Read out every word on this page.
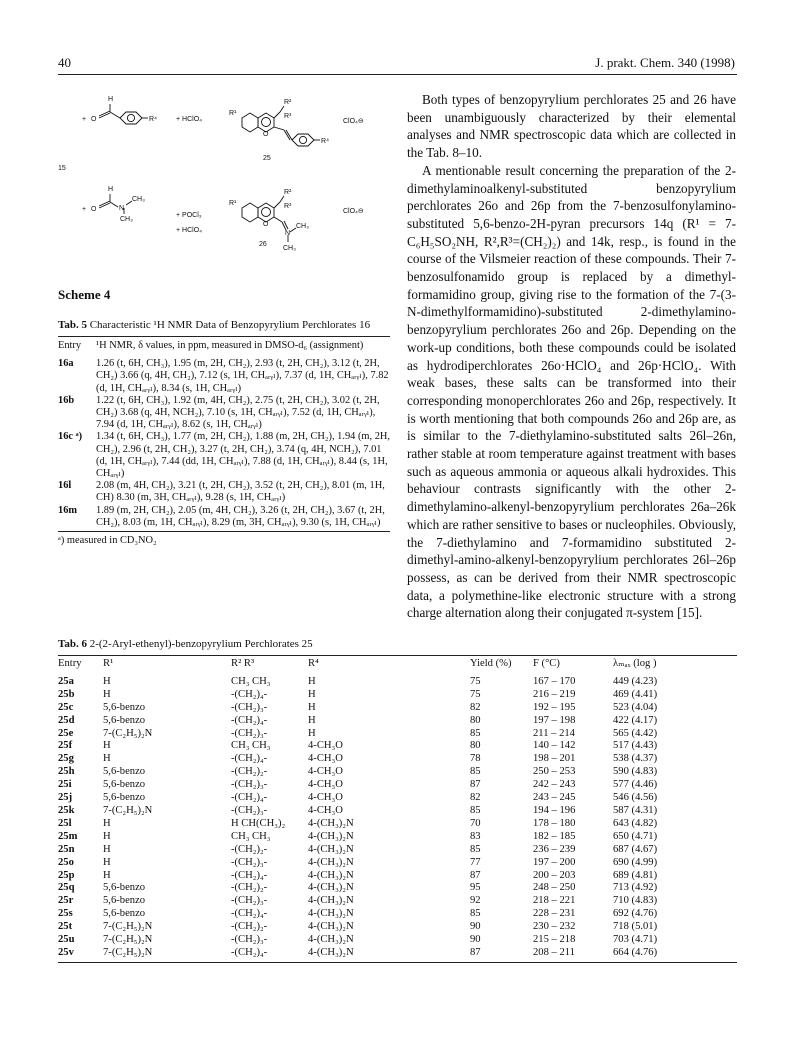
40	J. prakt. Chem. 340 (1998)
H
O	R⁴
+	+ HClO₄
R¹
O
R²
R³
ClO₄⊖
25
R⁴
15
H
O
+	N
CH₃
CH₃
+ POCl₃
+ HClO₄
R¹
O
R²
R³
ClO₄⊖
N
CH₃
CH₃
26
Scheme 4
Tab. 5 Characteristic ¹H NMR Data of Benzopyrylium Perchlorates 16
Entry	¹H NMR, δ values, in ppm, measured in DMSO-d₆ (assignment)
16a	1.26 (t, 6H, CH₃), 1.95 (m, 2H, CH₂), 2.93 (t, 2H, CH₂), 3.12 (t, 2H, CH₂) 3.66 (q, 4H, CH₂), 7.12 (s, 1H, CHₐᵣᵧₗ), 7.37 (d, 1H, CHₐᵣᵧₗ), 7.82 (d, 1H, CHₐᵣᵧₗ), 8.34 (s, 1H, CHₐᵣᵧₗ)
16b	1.22 (t, 6H, CH₃), 1.92 (m, 4H, CH₂), 2.75 (t, 2H, CH₂), 3.02 (t, 2H, CH₂) 3.68 (q, 4H, NCH₂), 7.10 (s, 1H, CHₐᵣᵧₗ), 7.52 (d, 1H, CHₐᵣᵧₗ), 7.94 (d, 1H, CHₐᵣᵧₗ), 8.62 (s, 1H, CHₐᵣᵧₗ)
16c ᵃ)	1.34 (t, 6H, CH₃), 1.77 (m, 2H, CH₂), 1.88 (m, 2H, CH₂), 1.94 (m, 2H, CH₂), 2.96 (t, 2H, CH₂), 3.27 (t, 2H, CH₂), 3.74 (q, 4H, NCH₂), 7.01 (d, 1H, CHₐᵣᵧₗ), 7.44 (dd, 1H, CHₐᵣᵧₗ), 7.88 (d, 1H, CHₐᵣᵧₗ), 8.44 (s, 1H, CHₐᵣᵧₗ)
16l	2.08 (m, 4H, CH₂), 3.21 (t, 2H, CH₂), 3.52 (t, 2H, CH₂), 8.01 (m, 1H, CH) 8.30 (m, 3H, CHₐᵣᵧₗ), 9.28 (s, 1H, CHₐᵣᵧₗ)
16m	1.89 (m, 2H, CH₂), 2.05 (m, 4H, CH₂), 3.26 (t, 2H, CH₂), 3.67 (t, 2H, CH₂), 8.03 (m, 1H, CHₐᵣᵧₗ), 8.29 (m, 3H, CHₐᵣᵧₗ), 9.30 (s, 1H, CHₐᵣᵧₗ)
ᵃ) measured in CD₃NO₂

Both types of benzopyrylium perchlorates 25 and 26 have been unambiguously characterized by their elemental analyses and NMR spectroscopic data which are collected in the Tab. 8–10.

A mentionable result concerning the preparation of the 2-dimethylaminoalkenyl-substituted benzopyrylium perchlorates 26o and 26p from the 7-benzosulfonylamino-substituted 5,6-benzo-2H-pyran precursors 14q (R¹ = 7-C₆H₅SO₂NH, R²,R³=(CH₂)₂) and 14k, resp., is found in the course of the Vilsmeier reaction of these compounds. Their 7-benzosulfonamido group is replaced by a dimethyl-formamidino group, giving rise to the formation of the 7-(3-N-dimethylformamidino)-substituted 2-dimethylamino-benzopyrylium perchlorates 26o and 26p. Depending on the work-up conditions, both these compounds could be isolated as hydrodiperchlorates 26o·HClO₄ and 26p·HClO₄. With weak bases, these salts can be transformed into their corresponding monoperchlorates 26o and 26p, respectively. It is worth mentioning that both compounds 26o and 26p are, as is similar to the 7-diethylamino-substituted salts 26l–26n, rather stable at room temperature against treatment with bases such as aqueous ammonia or aqueous alkali hydroxides. This behaviour contrasts significantly with the other 2-dimethylamino-alkenyl-benzopyrylium perchlorates 26a–26k which are rather sensitive to bases or nucleophiles. Obviously, the 7-diethylamino and 7-formamidino substituted 2-dimethyl-amino-alkenyl-benzopyrylium perchlorates 26l–26p possess, as can be derived from their NMR spectroscopic data, a polymethine-like electronic structure with a strong charge alternation along their conjugated π-system [15].

Tab. 6 2-(2-Aryl-ethenyl)-benzopyrylium Perchlorates 25
Entry	R¹	R² R³	R⁴	Yield (%)	F (°C)	λₘₐₓ (log )
25a	H	CH₃ CH₃	H	75	167 – 170	449 (4.23)
25b	H	-(CH₂)₄-	H	75	216 – 219	469 (4.41)
25c	5,6-benzo	-(CH₂)₃-	H	82	192 – 195	523 (4.04)
25d	5,6-benzo	-(CH₂)₄-	H	80	197 – 198	422 (4.17)
25e	7-(C₂H₅)₂N	-(CH₂)₃-	H	85	211 – 214	565 (4.42)
25f	H	CH₃ CH₃	4-CH₃O	80	140 – 142	517 (4.43)
25g	H	-(CH₂)₄-	4-CH₃O	78	198 – 201	538 (4.37)
25h	5,6-benzo	-(CH₂)₂-	4-CH₃O	85	250 – 253	590 (4.83)
25i	5,6-benzo	-(CH₂)₃-	4-CH₃O	87	242 – 243	577 (4.46)
25j	5,6-benzo	-(CH₂)₄-	4-CH₃O	82	243 – 245	546 (4.56)
25k	7-(C₂H₅)₂N	-(CH₂)₃-	4-CH₃O	85	194 – 196	587 (4.31)
25l	H	H CH(CH₃)₂	4-(CH₃)₂N	70	178 – 180	643 (4.82)
25m	H	CH₃ CH₃	4-(CH₃)₂N	83	182 – 185	650 (4.71)
25n	H	-(CH₂)₂-	4-(CH₃)₂N	85	236 – 239	687 (4.67)
25o	H	-(CH₂)₃-	4-(CH₃)₂N	77	197 – 200	690 (4.99)
25p	H	-(CH₂)₄-	4-(CH₃)₂N	87	200 – 203	689 (4.81)
25q	5,6-benzo	-(CH₂)₂-	4-(CH₃)₂N	95	248 – 250	713 (4.92)
25r	5,6-benzo	-(CH₂)₃-	4-(CH₃)₂N	92	218 – 221	710 (4.83)
25s	5,6-benzo	-(CH₂)₄-	4-(CH₃)₂N	85	228 – 231	692 (4.76)
25t	7-(C₂H₅)₂N	-(CH₂)₂-	4-(CH₃)₂N	90	230 – 232	718 (5.01)
25u	7-(C₂H₅)₂N	-(CH₂)₃-	4-(CH₃)₂N	90	215 – 218	703 (4.71)
25v	7-(C₂H₅)₂N	-(CH₂)₄-	4-(CH₃)₂N	87	208 – 211	664 (4.76)
